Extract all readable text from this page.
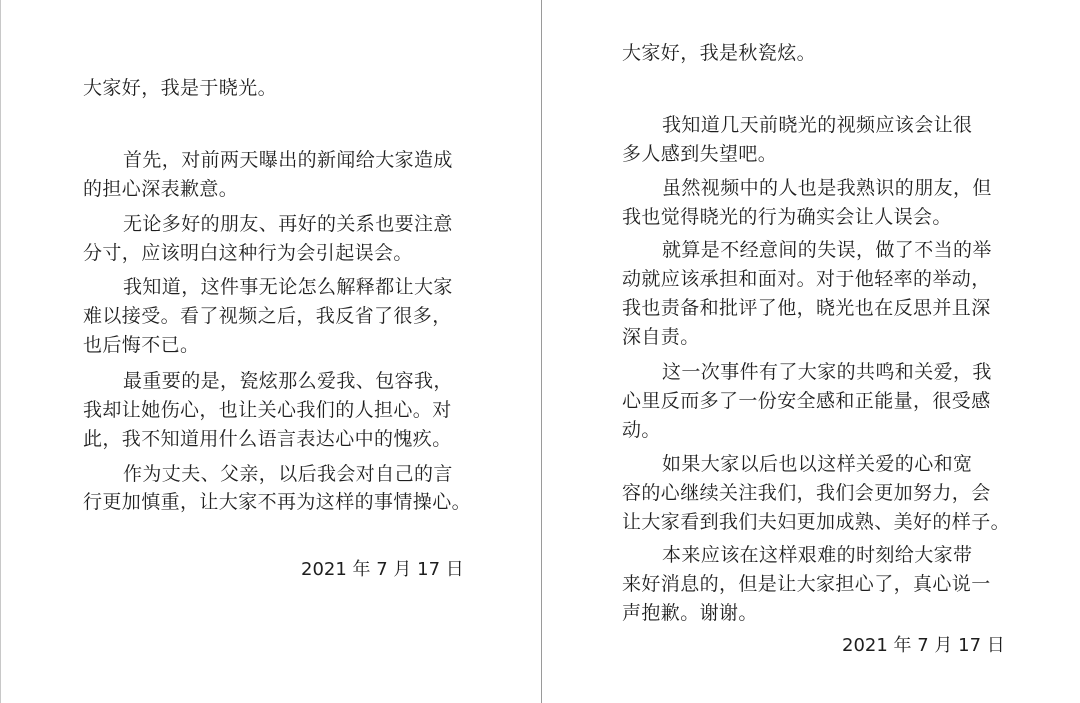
大家好，我是于晓光。
首先，对前两天曝出的新闻给大家造成
的担心深表歉意。
无论多好的朋友、再好的关系也要注意
分寸，应该明白这种行为会引起误会。
我知道，这件事无论怎么解释都让大家
难以接受。看了视频之后，我反省了很多，
也后悔不已。
最重要的是，瓷炫那么爱我、包容我，
我却让她伤心，也让关心我们的人担心。对
此，我不知道用什么语言表达心中的愧疚。
作为丈夫、父亲，以后我会对自己的言
行更加慎重，让大家不再为这样的事情操心。
2021 年 7 月 17 日
大家好，我是秋瓷炫。
我知道几天前晓光的视频应该会让很
多人感到失望吧。
虽然视频中的人也是我熟识的朋友，但
我也觉得晓光的行为确实会让人误会。
就算是不经意间的失误，做了不当的举
动就应该承担和面对。对于他轻率的举动，
我也责备和批评了他，晓光也在反思并且深
深自责。
这一次事件有了大家的共鸣和关爱，我
心里反而多了一份安全感和正能量，很受感
动。
如果大家以后也以这样关爱的心和宽
容的心继续关注我们，我们会更加努力，会
让大家看到我们夫妇更加成熟、美好的样子。
本来应该在这样艰难的时刻给大家带
来好消息的，但是让大家担心了，真心说一
声抱歉。谢谢。
2021 年 7 月 17 日
